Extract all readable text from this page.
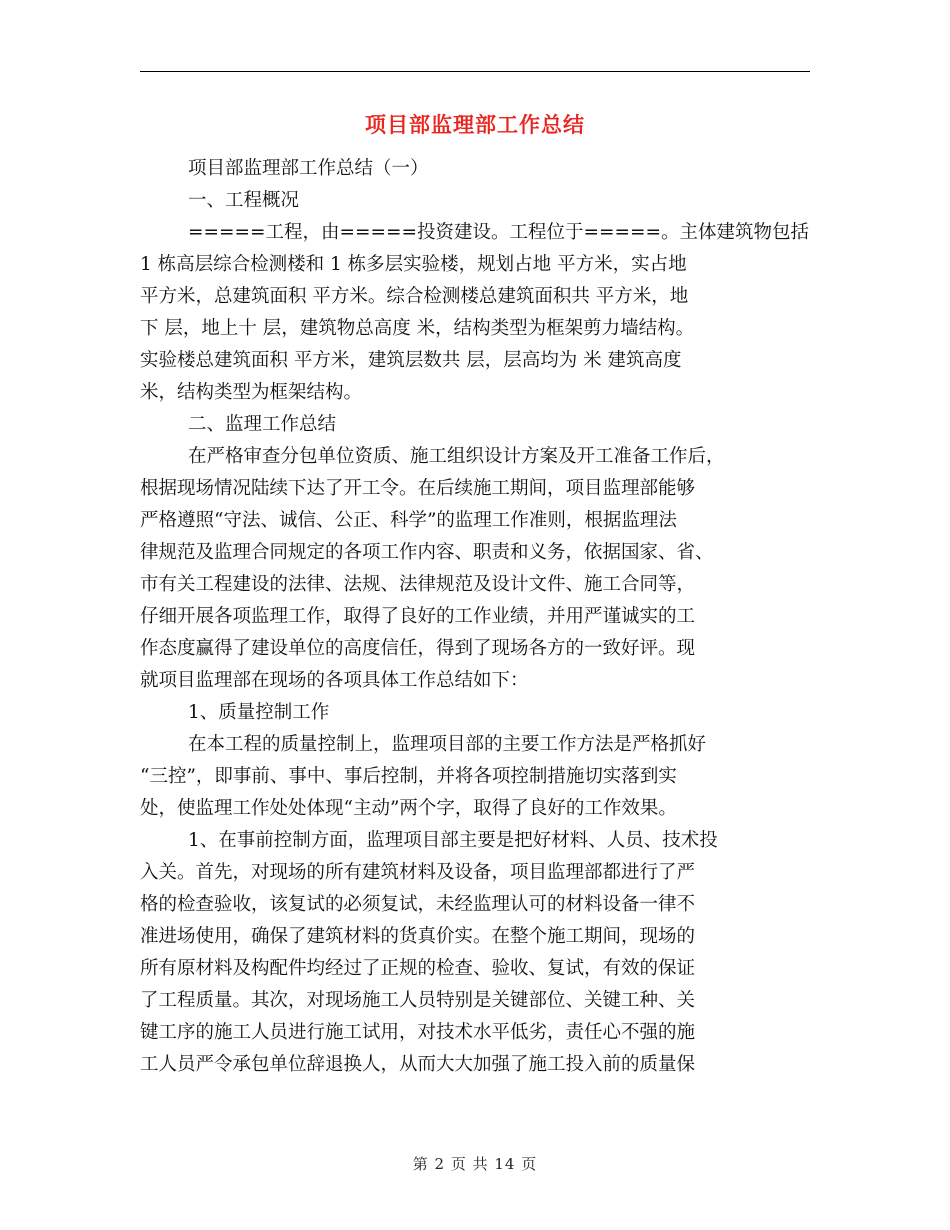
项目部监理部工作总结
项目部监理部工作总结（一）
一、工程概况
=====工程，由=====投资建设。工程位于=====。主体建筑物包括
1 栋高层综合检测楼和 1 栋多层实验楼，规划占地 平方米，实占地
平方米，总建筑面积 平方米。综合检测楼总建筑面积共 平方米，地
下 层，地上十 层，建筑物总高度 米，结构类型为框架剪力墙结构。
实验楼总建筑面积 平方米，建筑层数共 层，层高均为 米 建筑高度
米，结构类型为框架结构。
二、监理工作总结
在严格审查分包单位资质、施工组织设计方案及开工准备工作后，
根据现场情况陆续下达了开工令。在后续施工期间，项目监理部能够
严格遵照“守法、诚信、公正、科学”的监理工作准则，根据监理法
律规范及监理合同规定的各项工作内容、职责和义务，依据国家、省、
市有关工程建设的法律、法规、法律规范及设计文件、施工合同等，
仔细开展各项监理工作，取得了良好的工作业绩，并用严谨诚实的工
作态度赢得了建设单位的高度信任，得到了现场各方的一致好评。现
就项目监理部在现场的各项具体工作总结如下：
1、质量控制工作
在本工程的质量控制上，监理项目部的主要工作方法是严格抓好
“三控”，即事前、事中、事后控制，并将各项控制措施切实落到实
处，使监理工作处处体现“主动”两个字，取得了良好的工作效果。
1、在事前控制方面，监理项目部主要是把好材料、人员、技术投
入关。首先，对现场的所有建筑材料及设备，项目监理部都进行了严
格的检查验收，该复试的必须复试，未经监理认可的材料设备一律不
准进场使用，确保了建筑材料的货真价实。在整个施工期间，现场的
所有原材料及构配件均经过了正规的检查、验收、复试，有效的保证
了工程质量。其次，对现场施工人员特别是关键部位、关键工种、关
键工序的施工人员进行施工试用，对技术水平低劣，责任心不强的施
工人员严令承包单位辞退换人，从而大大加强了施工投入前的质量保
第 2 页 共 14 页
